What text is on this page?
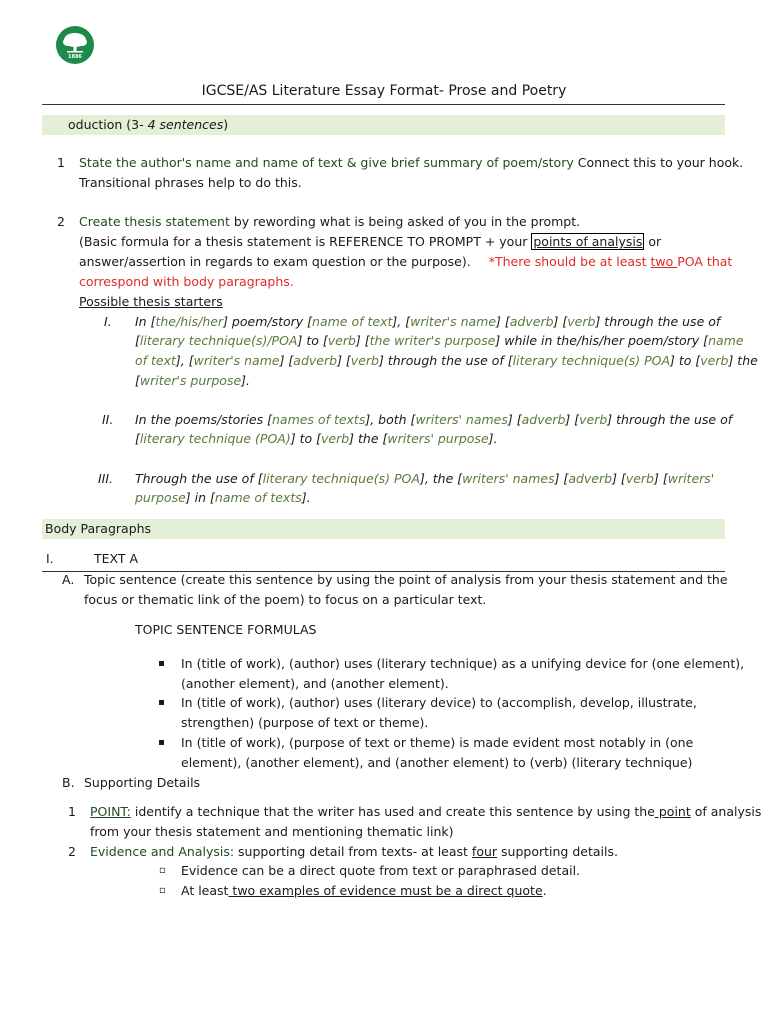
1886
IGCSE/AS Literature Essay Format- Prose and Poetry
oduction (3- 4 sentences)
1 State the author's name and name of text & give brief summary of poem/story Connect this to your hook.
Transitional phrases help to do this.
2 Create thesis statement by rewording what is being asked of you in the prompt.
(Basic formula for a thesis statement is REFERENCE TO PROMPT + your points of analysis or
answer/assertion in regards to exam question or the purpose). *There should be at least two POA that
correspond with body paragraphs.
Possible thesis starters
I. In [the/his/her] poem/story [name of text], [writer's name] [adverb] [verb] through the use of
[literary technique(s)/POA] to [verb] [the writer's purpose] while in the/his/her poem/story [name
of text], [writer's name] [adverb] [verb] through the use of [literary technique(s) POA] to [verb] the
[writer's purpose].
II. In the poems/stories [names of texts], both [writers' names] [adverb] [verb] through the use of
[literary technique (POA)] to [verb] the [writers' purpose].
III. Through the use of [literary technique(s) POA], the [writers' names] [adverb] [verb] [writers'
purpose] in [name of texts].
Body Paragraphs
I.	TEXT A
A. Topic sentence (create this sentence by using the point of analysis from your thesis statement and the
focus or thematic link of the poem) to focus on a particular text.
TOPIC SENTENCE FORMULAS
In (title of work), (author) uses (literary technique) as a unifying device for (one element),
(another element), and (another element).
In (title of work), (author) uses (literary device) to (accomplish, develop, illustrate,
strengthen) (purpose of text or theme).
In (title of work), (purpose of text or theme) is made evident most notably in (one
element), (another element), and (another element) to (verb) (literary technique)
B. Supporting Details
1 POINT: identify a technique that the writer has used and create this sentence by using the point of analysis
from your thesis statement and mentioning thematic link)
2 Evidence and Analysis: supporting detail from texts- at least four supporting details.
▫ Evidence can be a direct quote from text or paraphrased detail.
▫ At least two examples of evidence must be a direct quote.
